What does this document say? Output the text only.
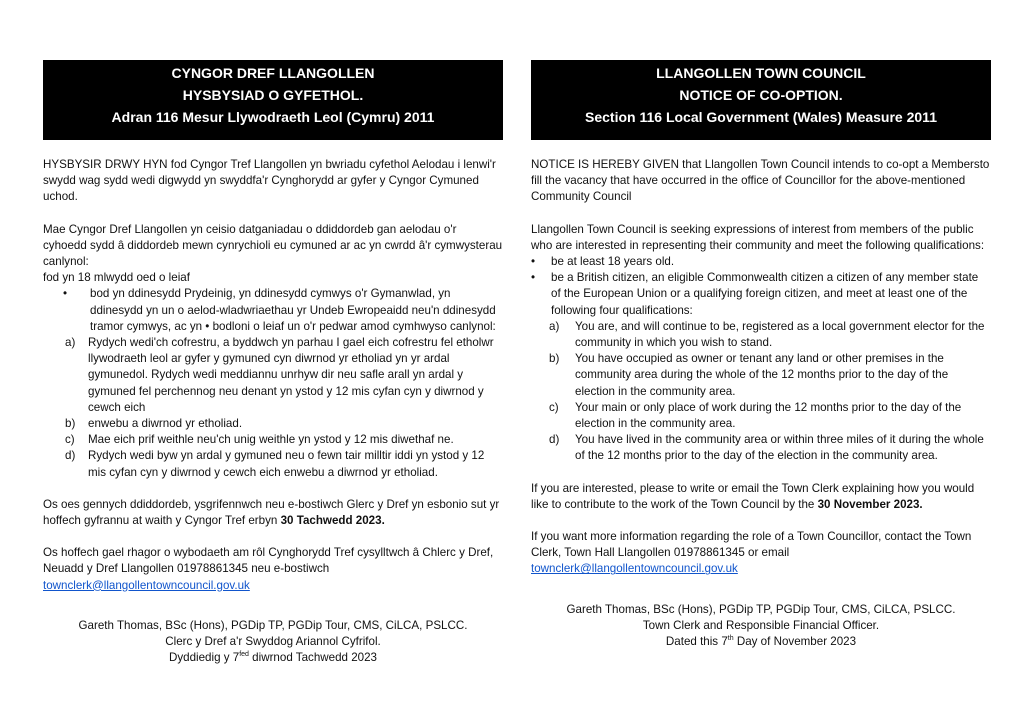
CYNGOR DREF LLANGOLLEN
HYSBYSIAD O GYFETHOL.
Adran 116 Mesur Llywodraeth Leol (Cymru) 2011

HYSBYSIR DRWY HYN fod Cyngor Tref Llangollen yn bwriadu cyfethol Aelodau i lenwi'r swydd wag sydd wedi digwydd yn swyddfa'r Cynghorydd ar gyfer y Cyngor Cymuned uchod.

Mae Cyngor Dref Llangollen yn ceisio datganiadau o ddiddordeb gan aelodau o'r cyhoedd sydd â diddordeb mewn cynrychioli eu cymuned ar ac yn cwrdd â'r cymwysterau canlynol:

fod yn 18 mlwydd oed o leiaf

• bod yn ddinesydd Prydeinig, yn ddinesydd cymwys o'r Gymanwlad, yn ddinesydd yn un o aelod-wladwriaethau yr Undeb Ewropeaidd neu'n ddinesydd tramor cymwys, ac yn • bodloni o leiaf un o'r pedwar amod cymhwyso canlynol:
a) Rydych wedi'ch cofrestru, a byddwch yn parhau I gael eich cofrestru fel etholwr llywodraeth leol ar gyfer y gymuned cyn diwrnod yr etholiad yn yr ardal gymunedol. Rydych wedi meddiannu unrhyw dir neu safle arall yn ardal y gymuned fel perchennog neu denant yn ystod y 12 mis cyfan cyn y diwrnod y cewch eich
b) enwebu a diwrnod yr etholiad.
c) Mae eich prif weithle neu'ch unig weithle yn ystod y 12 mis diwethaf ne.
d) Rydych wedi byw yn ardal y gymuned neu o fewn tair milltir iddi yn ystod y 12 mis cyfan cyn y diwrnod y cewch eich enwebu a diwrnod yr etholiad.

Os oes gennych ddiddordeb, ysgrifennwch neu e-bostiwch Glerc y Dref yn esbonio sut yr hoffech gyfrannu at waith y Cyngor Tref erbyn 30 Tachwedd 2023.

Os hoffech gael rhagor o wybodaeth am rôl Cynghorydd Tref cysylltwch â Chlerc y Dref, Neuadd y Dref Llangollen 01978861345 neu e-bostiwch
townclerk@llangollentowncouncil.gov.uk

Gareth Thomas, BSc (Hons), PGDip TP, PGDip Tour, CMS, CiLCA, PSLCC.

Clerc y Dref a'r Swyddog Ariannol Cyfrifol.

Dyddiedig y $7^{fed}$ diwrnod Tachwedd 2023

LLANGOLLEN TOWN COUNCIL
NOTICE OF CO-OPTION.
Section 116 Local Government (Wales) Measure 2011

NOTICE IS HEREBY GIVEN that Llangollen Town Council intends to co-opt a Membersto fill the vacancy that have occurred in the office of Councillor for the above-mentioned Community Council

Llangollen Town Council is seeking expressions of interest from members of the public who are interested in representing their community and meet the following qualifications:

• be at least 18 years old.
• be a British citizen, an eligible Commonwealth citizen a citizen of any member state of the European Union or a qualifying foreign citizen, and meet at least one of the following four qualifications:
a) You are, and will continue to be, registered as a local government elector for the community in which you wish to stand.
b) You have occupied as owner or tenant any land or other premises in the community area during the whole of the 12 months prior to the day of the election in the community area.
c) Your main or only place of work during the 12 months prior to the day of the election in the community area.
d) You have lived in the community area or within three miles of it during the whole of the 12 months prior to the day of the election in the community area.

If you are interested, please to write or email the Town Clerk explaining how you would like to contribute to the work of the Town Council by the 30 November 2023.

If you want more information regarding the role of a Town Councillor, contact the Town Clerk, Town Hall Llangollen 01978861345 or email
townclerk@llangollentowncouncil.gov.uk

Gareth Thomas, BSc (Hons), PGDip TP, PGDip Tour, CMS, CiLCA, PSLCC.

Town Clerk and Responsible Financial Officer.

Dated this 7th Day of November 2023
